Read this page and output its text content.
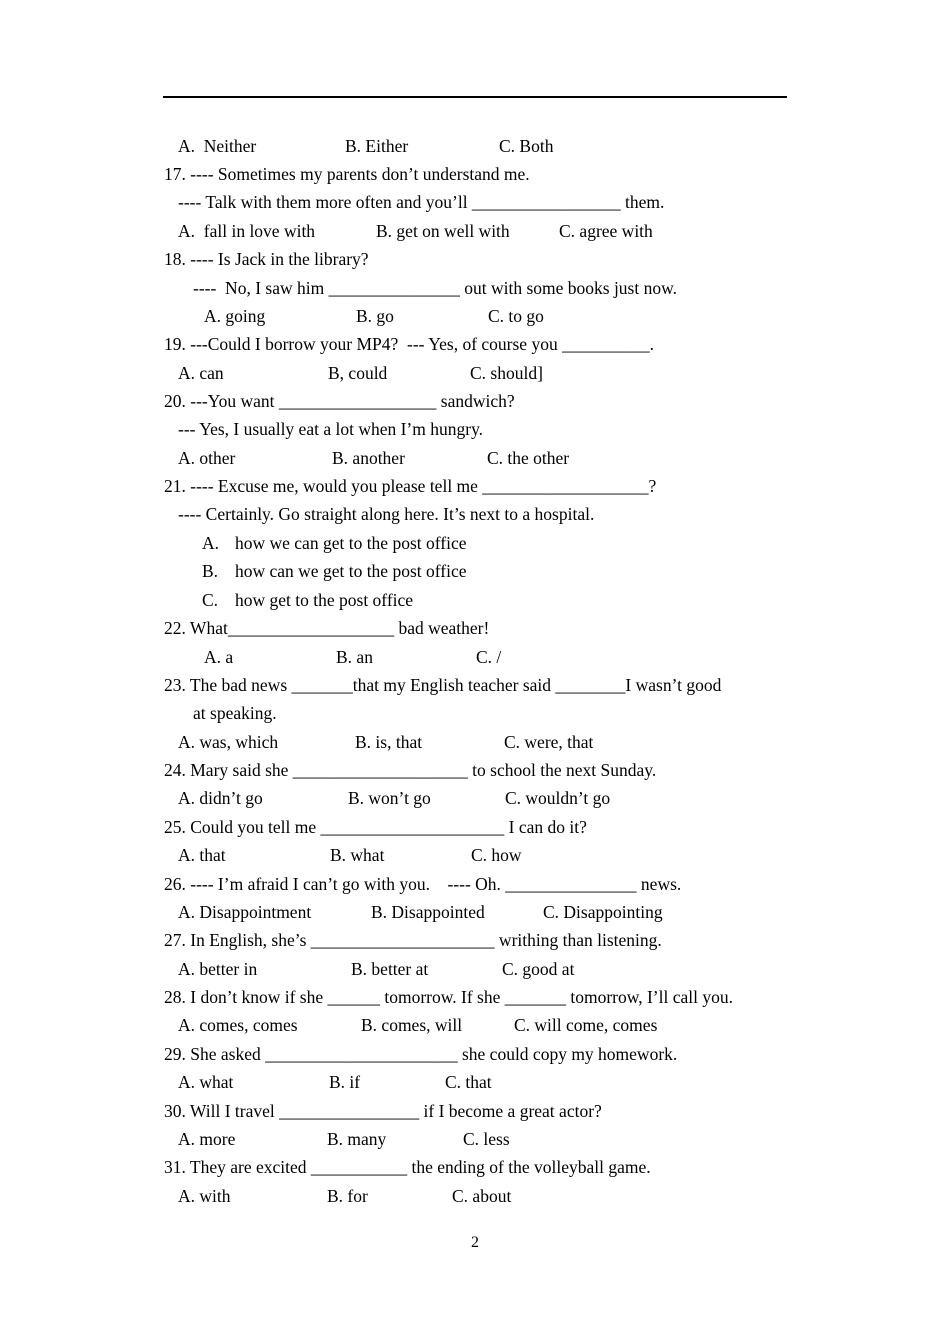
A.  Neither	B. Either	C. Both
17. ---- Sometimes my parents don’t understand me.
---- Talk with them more often and you’ll _________________ them.
A.  fall in love with	B. get on well with	C. agree with
18. ---- Is Jack in the library?
----  No, I saw him _______________ out with some books just now.
A. going	B. go	C. to go
19. ---Could I borrow your MP4?  --- Yes, of course you __________.
A. can	B, could	C. should]
20. ---You want __________________ sandwich?
--- Yes, I usually eat a lot when I’m hungry.
A. other	B. another	C. the other
21. ---- Excuse me, would you please tell me ___________________?
---- Certainly. Go straight along here. It’s next to a hospital.
A. how we can get to the post office
B. how can we get to the post office
C. how get to the post office
22. What___________________ bad weather!
A. a	B. an	C. /
23. The bad news _______that my English teacher said ________I wasn’t good
at speaking.
A. was, which	B. is, that	C. were, that
24. Mary said she ____________________ to school the next Sunday.
A. didn’t go	B. won’t go	C. wouldn’t go
25. Could you tell me _____________________ I can do it?
A. that	B. what	C. how
26. ---- I’m afraid I can’t go with you.    ---- Oh. _______________ news.
A. Disappointment	B. Disappointed	C. Disappointing
27. In English, she’s _____________________ writhing than listening.
A. better in	B. better at	C. good at
28. I don’t know if she ______ tomorrow. If she _______ tomorrow, I’ll call you.
A. comes, comes	B. comes, will	C. will come, comes
29. She asked ______________________ she could copy my homework.
A. what	B. if	C. that
30. Will I travel ________________ if I become a great actor?
A. more	B. many	C. less
31. They are excited ___________ the ending of the volleyball game.
A. with	B. for	C. about
2
